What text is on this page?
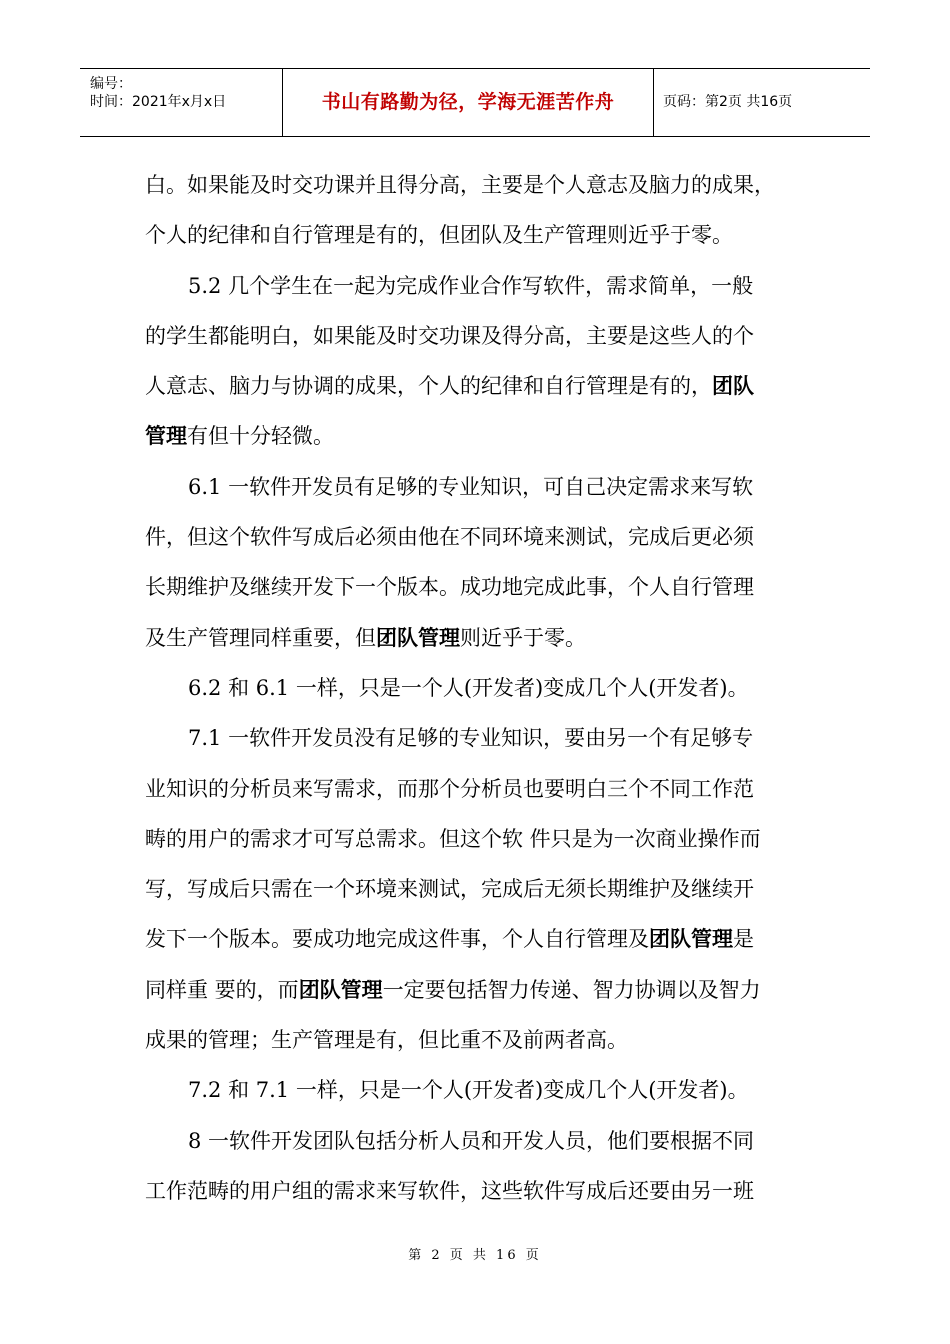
编号：
时间：2021年x月x日	书山有路勤为径，学海无涯苦作舟	页码：第2页 共16页

白。如果能及时交功课并且得分高，主要是个人意志及脑力的成果，

个人的纪律和自行管理是有的，但团队及生产管理则近乎于零。

5.2 几个学生在一起为完成作业合作写软件，需求简单，一般

的学生都能明白，如果能及时交功课及得分高，主要是这些人的个

人意志、脑力与协调的成果，个人的纪律和自行管理是有的，团队

管理有但十分轻微。

6.1 一软件开发员有足够的专业知识，可自己决定需求来写软

件，但这个软件写成后必须由他在不同环境来测试，完成后更必须

长期维护及继续开发下一个版本。成功地完成此事，个人自行管理

及生产管理同样重要，但团队管理则近乎于零。

6.2 和 6.1 一样，只是一个人(开发者)变成几个人(开发者)。

7.1 一软件开发员没有足够的专业知识，要由另一个有足够专

业知识的分析员来写需求，而那个分析员也要明白三个不同工作范

畴的用户的需求才可写总需求。但这个软 件只是为一次商业操作而

写，写成后只需在一个环境来测试，完成后无须长期维护及继续开

发下一个版本。要成功地完成这件事，个人自行管理及团队管理是

同样重 要的，而团队管理一定要包括智力传递、智力协调以及智力

成果的管理；生产管理是有，但比重不及前两者高。

7.2 和 7.1 一样，只是一个人(开发者)变成几个人(开发者)。

8 一软件开发团队包括分析人员和开发人员，他们要根据不同

工作范畴的用户组的需求来写软件，这些软件写成后还要由另一班

第 2 页 共 16 页
